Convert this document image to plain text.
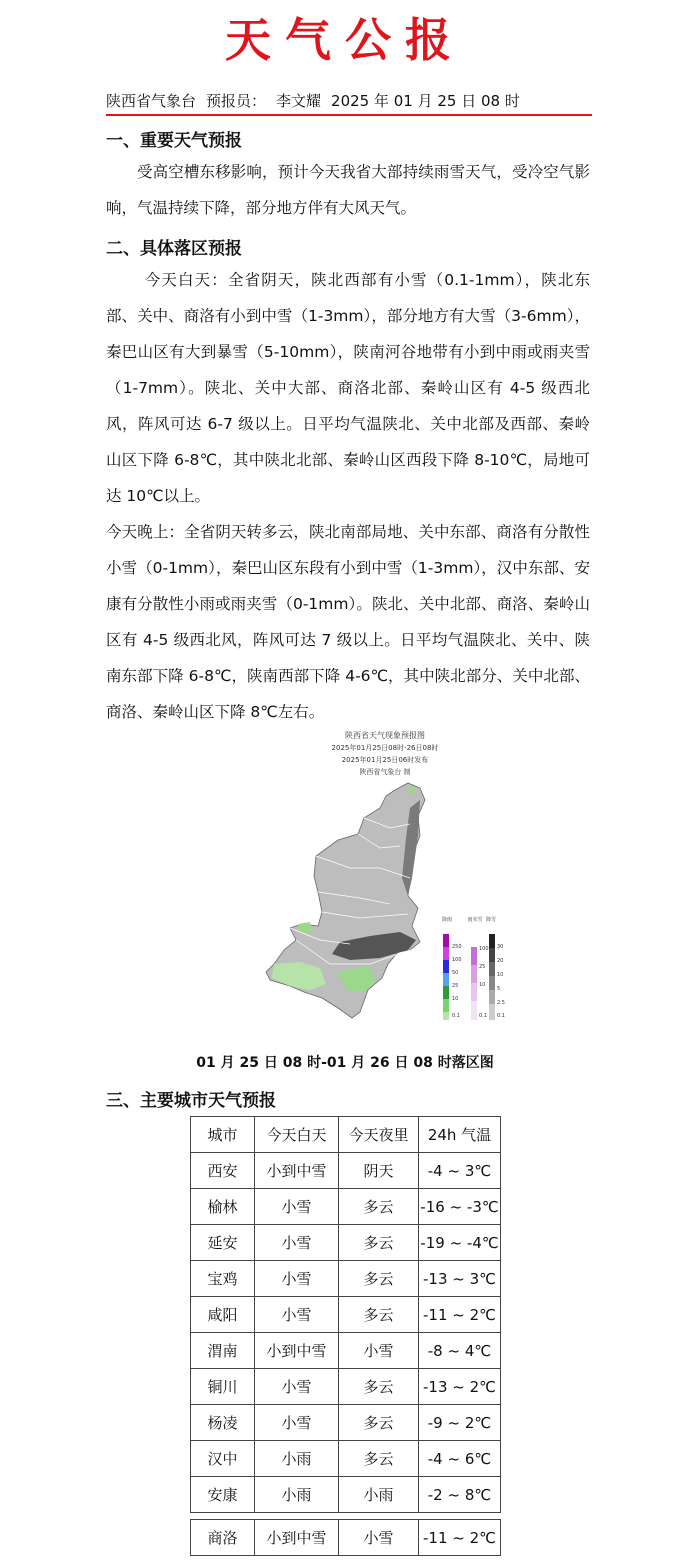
天气公报
陕西省气象台 预报员： 李文耀 2025 年 01 月 25 日 08 时
一、重要天气预报

受高空槽东移影响，预计今天我省大部持续雨雪天气，受冷空气影响，气温持续下降，部分地方伴有大风天气。

二、具体落区预报

今天白天：全省阴天，陕北西部有小雪（0.1-1mm），陕北东部、关中、商洛有小到中雪（1-3mm），部分地方有大雪（3-6mm），秦巴山区有大到暴雪（5-10mm），陕南河谷地带有小到中雨或雨夹雪（1-7mm）。陕北、关中大部、商洛北部、秦岭山区有 4-5 级西北风，阵风可达 6-7 级以上。日平均气温陕北、关中北部及西部、秦岭山区下降 6-8℃，其中陕北北部、秦岭山区西段下降 8-10℃，局地可达 10℃以上。

今天晚上：全省阴天转多云，陕北南部局地、关中东部、商洛有分散性小雪（0-1mm），秦巴山区东段有小到中雪（1-3mm），汉中东部、安康有分散性小雨或雨夹雪（0-1mm）。陕北、关中北部、商洛、秦岭山区有 4-5 级西北风，阵风可达 7 级以上。日平均气温陕北、关中、陕南东部下降 6-8℃，陕南西部下降 4-6℃，其中陕北部分、关中北部、商洛、秦岭山区下降 8℃左右。

陕西省天气现象预报图
2025年01月25日08时-26日08时
2025年01月25日06时发布
陕西省气象台 制
降雨	雨夹雪 降雪
250
100
50
25
10
0.1
100
25
10
0.1
30
20
10
5
2.5
0.1
01 月 25 日 08 时-01 月 26 日 08 时落区图
三、主要城市天气预报
城市	今天白天	今天夜里	24h 气温
西安	小到中雪	阴天	-4 ~ 3℃
榆林	小雪	多云	-16 ~ -3℃
延安	小雪	多云	-19 ~ -4℃
宝鸡	小雪	多云	-13 ~ 3℃
咸阳	小雪	多云	-11 ~ 2℃
渭南	小到中雪	小雪	-8 ~ 4℃
铜川	小雪	多云	-13 ~ 2℃
杨凌	小雪	多云	-9 ~ 2℃
汉中	小雨	多云	-4 ~ 6℃
安康	小雨	小雨	-2 ~ 8℃

商洛	小到中雪	小雪	-11 ~ 2℃
